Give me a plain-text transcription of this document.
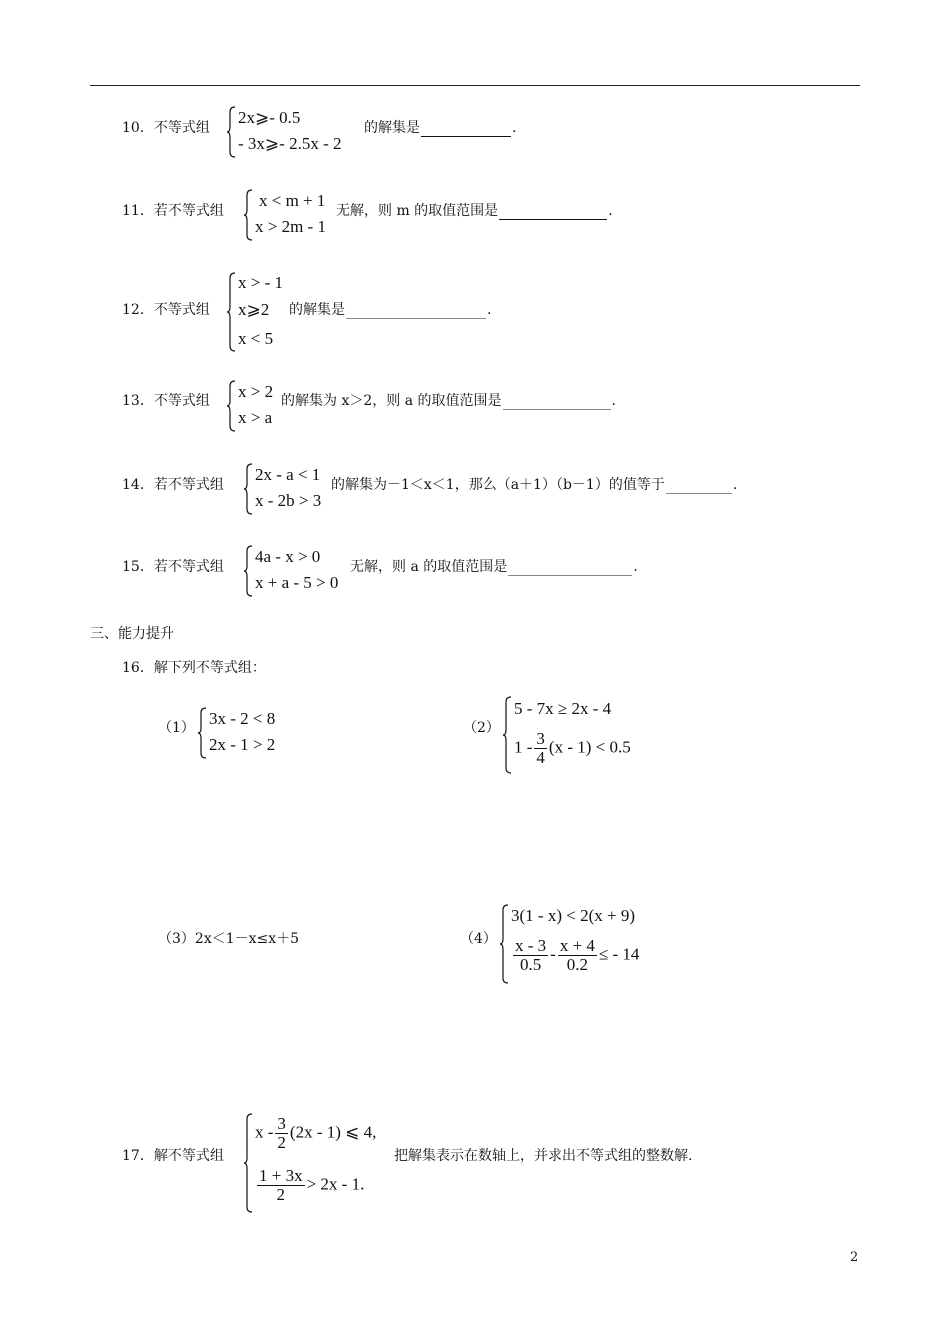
10．不等式组
2x⩾- 0.5
- 3x⩾- 2.5x - 2
的解集是	.
11．若不等式组
x < m + 1
x > 2m - 1
无解，则 m 的取值范围是	.
12．不等式组
x > - 1
x⩾2
x < 5
的解集是	.
13．不等式组 x > 2
x > a
的解集为 x＞2，则 a 的取值范围是	.
14．若不等式组
2x - a < 1
x - 2b > 3
的解集为－1＜x＜1，那么（a＋1）（b－1）的值等于	.
15．若不等式组
4a - x > 0
x + a - 5 > 0
无解，则 a 的取值范围是	.
三、能力提升
16．解下列不等式组：
（1） 3x - 2 < 8
2x - 1 > 2
（2）
5 - 7x ≥ 2x - 4
$1 - \frac{3}{4} (x - 1) < 0.5$
（3）2x＜1－x≤x＋5	（4）
3(1 - x) < 2(x + 9)
$\frac{x - 3}{0.5} - \frac{x + 4}{0.2}$ ≤ - 14
17．解不等式组
x - $\frac{3}{2} (2x - 1)$ ⩽ 4,
$\frac{1 + 3x}{2} > 2x - 1$.
把解集表示在数轴上，并求出不等式组的整数解.
2
